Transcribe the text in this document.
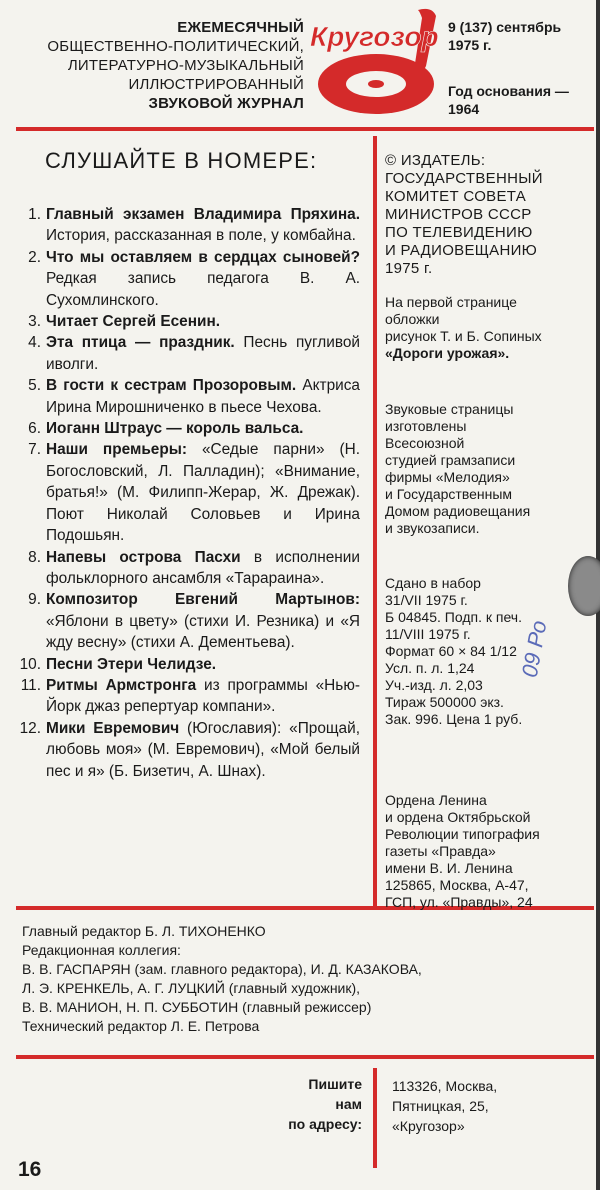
ЕЖЕМЕСЯЧНЫЙ
ОБЩЕСТВЕННО-ПОЛИТИЧЕСКИЙ,
ЛИТЕРАТУРНО-МУЗЫКАЛЬНЫЙ
ИЛЛЮСТРИРОВАННЫЙ
ЗВУКОВОЙ ЖУРНАЛ
Кругозор 9 (137) сентябрь
1975 г.
Год основания —
1964
СЛУШАЙТЕ В НОМЕРЕ:
1. Главный экзамен Владимира Пряхина. История, рассказанная в поле, у комбайна.
2. Что мы оставляем в сердцах сыновей? Редкая запись педагога В. А. Сухомлинского.
3. Читает Сергей Есенин.
4. Эта птица — праздник. Песнь пугливой иволги.
5. В гости к сестрам Прозоровым. Актриса Ирина Мирошниченко в пьесе Чехова.
6. Иоганн Штраус — король вальса.
7. Наши премьеры: «Седые парни» (Н. Богословский, Л. Палладин); «Внимание, братья!» (М. Филипп-Жерар, Ж. Дрежак). Поют Николай Соловьев и Ирина Подошьян.
8. Напевы острова Пасхи в исполнении фольклорного ансамбля «Тарараина».
9. Композитор Евгений Мартынов: «Яблони в цвету» (стихи И. Резника) и «Я жду весну» (стихи А. Дементьева).
10. Песни Этери Челидзе.
11. Ритмы Армстронга из программы «Нью-Йорк джаз репертуар компани».
12. Мики Евремович (Югославия): «Прощай, любовь моя» (М. Евремович), «Мой белый пес и я» (Б. Бизетич, А. Шнах).
© ИЗДАТЕЛЬ:
ГОСУДАРСТВЕННЫЙ
КОМИТЕТ СОВЕТА
МИНИСТРОВ СССР
ПО ТЕЛЕВИДЕНИЮ
И РАДИОВЕЩАНИЮ
1975 г.
На первой странице
обложки
рисунок Т. и Б. Сопиных
«Дороги урожая».
Звуковые страницы
изготовлены
Всесоюзной
студией грамзаписи
фирмы «Мелодия»
и Государственным
Домом радиовещания
и звукозаписи.
Сдано в набор
31/VII 1975 г.
Б 04845. Подп. к печ.
11/VIII 1975 г.
Формат 60 × 84 1/12
Усл. п. л. 1,24
Уч.-изд. л. 2,03
Тираж 500000 экз.
Зак. 996. Цена 1 руб.
Ордена Ленина
и ордена Октябрьской
Революции типография
газеты «Правда»
имени В. И. Ленина
125865, Москва, А-47,
ГСП, ул. «Правды», 24
09 Ро
Главный редактор Б. Л. ТИХОНЕНКО
Редакционная коллегия:
В. В. ГАСПАРЯН (зам. главного редактора), И. Д. КАЗАКОВА,
Л. Э. КРЕНКЕЛЬ, А. Г. ЛУЦКИЙ (главный художник),
В. В. МАНИОН, Н. П. СУББОТИН (главный режиссер)
Технический редактор Л. Е. Петрова
Пишите
нам
по адресу:
113326, Москва,
Пятницкая, 25,
«Кругозор»
16
